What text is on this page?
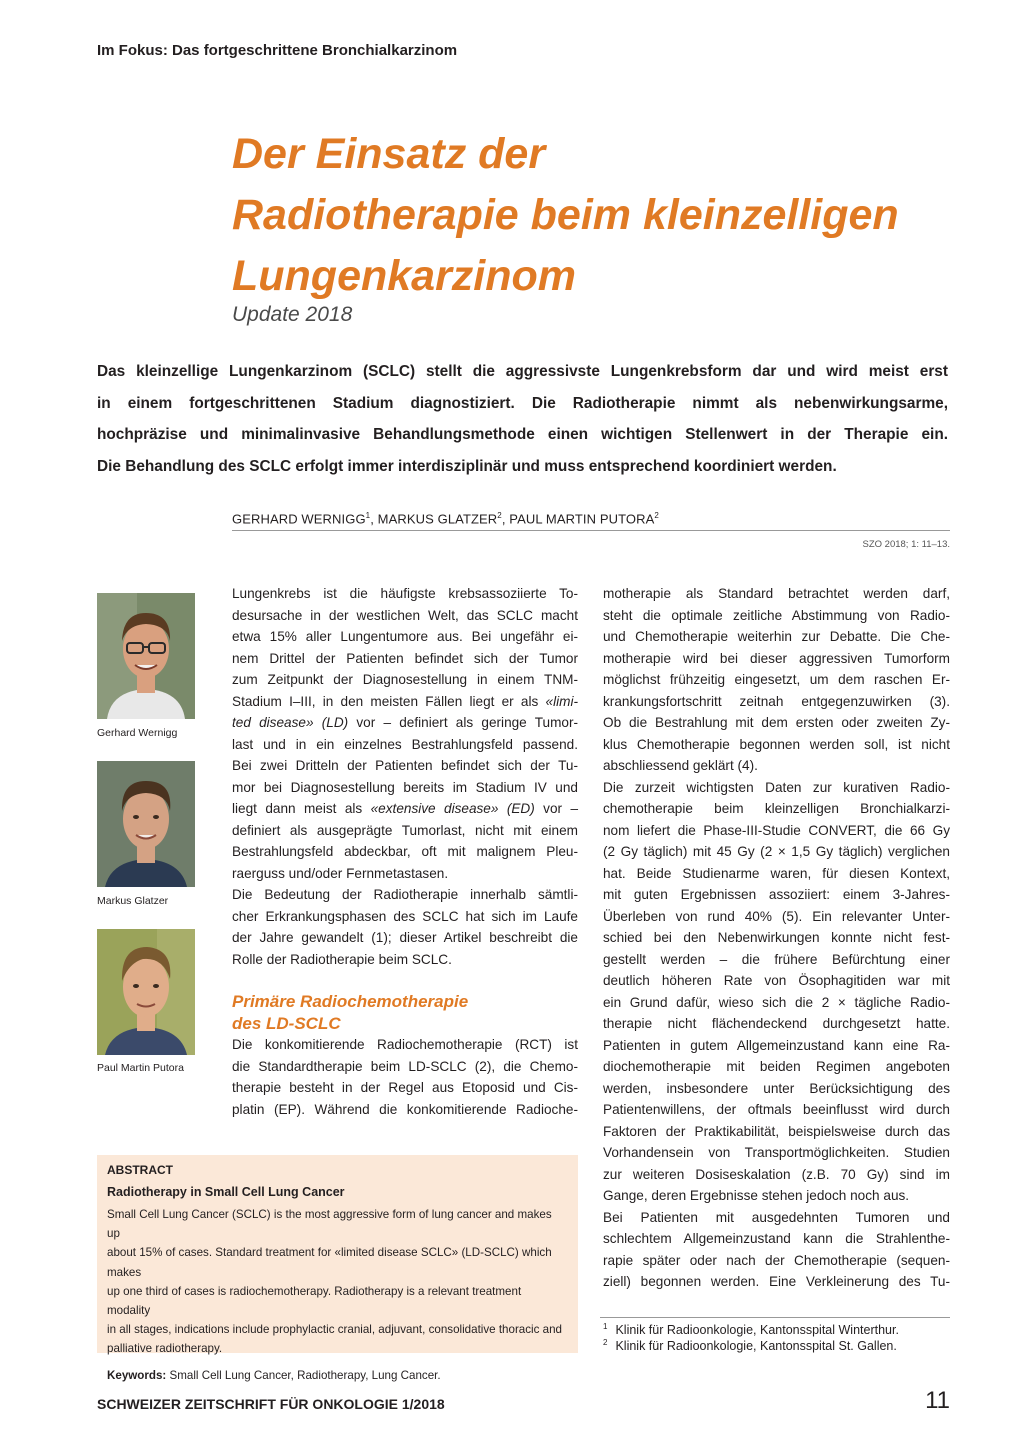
Im Fokus: Das fortgeschrittene Bronchialkarzinom
Der Einsatz der
Radiotherapie beim kleinzelligen
Lungenkarzinom
Update 2018

Das kleinzellige Lungenkarzinom (SCLC) stellt die aggressivste Lungenkrebsform dar und wird meist erst
in einem fortgeschrittenen Stadium diagnostiziert. Die Radiotherapie nimmt als nebenwirkungsarme,
hochpräzise und minimalinvasive Behandlungsmethode einen wichtigen Stellenwert in der Therapie ein.
Die Behandlung des SCLC erfolgt immer interdisziplinär und muss entsprechend koordiniert werden.

GERHARD WERNIGG$^1$, MARKUS GLATZER$^2$, PAUL MARTIN PUTORA$^2$
SZO 2018; 1: 11–13.
Gerhard Wernigg
Markus Glatzer
Paul Martin Putora

Lungenkrebs ist die häufigste krebsassoziierte To-
desursache in der westlichen Welt, das SCLC macht
etwa 15% aller Lungentumore aus. Bei ungefähr ei-
nem Drittel der Patienten befindet sich der Tumor
zum Zeitpunkt der Diagnosestellung in einem TNM-
Stadium I–III, in den meisten Fällen liegt er als «limi-
ted disease» (LD) vor – definiert als geringe Tumor-
last und in ein einzelnes Bestrahlungsfeld passend.
Bei zwei Dritteln der Patienten befindet sich der Tu-
mor bei Diagnosestellung bereits im Stadium IV und
liegt dann meist als «extensive disease» (ED) vor –
definiert als ausgeprägte Tumorlast, nicht mit einem
Bestrahlungsfeld abdeckbar, oft mit malignem Pleu-
raerguss und/oder Fernmetastasen.

Die Bedeutung der Radiotherapie innerhalb sämtli-
cher Erkrankungsphasen des SCLC hat sich im Laufe
der Jahre gewandelt (1); dieser Artikel beschreibt die
Rolle der Radiotherapie beim SCLC.

Primäre Radiochemotherapie
des LD-SCLC

Die konkomitierende Radiochemotherapie (RCT) ist
die Standardtherapie beim LD-SCLC (2), die Chemo-
therapie besteht in der Regel aus Etoposid und Cis-
platin (EP). Während die konkomitierende Radioche-

motherapie als Standard betrachtet werden darf,
steht die optimale zeitliche Abstimmung von Radio-
und Chemotherapie weiterhin zur Debatte. Die Che-
motherapie wird bei dieser aggressiven Tumorform
möglichst frühzeitig eingesetzt, um dem raschen Er-
krankungsfortschritt zeitnah entgegenzuwirken (3).
Ob die Bestrahlung mit dem ersten oder zweiten Zy-
klus Chemotherapie begonnen werden soll, ist nicht
abschliessend geklärt (4).

Die zurzeit wichtigsten Daten zur kurativen Radio-
chemotherapie beim kleinzelligen Bronchialkarzi-
nom liefert die Phase-III-Studie CONVERT, die 66 Gy
(2 Gy täglich) mit 45 Gy (2 × 1,5 Gy täglich) verglichen
hat. Beide Studienarme waren, für diesen Kontext,
mit guten Ergebnissen assoziiert: einem 3-Jahres-
Überleben von rund 40% (5). Ein relevanter Unter-
schied bei den Nebenwirkungen konnte nicht fest-
gestellt werden – die frühere Befürchtung einer
deutlich höheren Rate von Ösophagitiden war mit
ein Grund dafür, wieso sich die 2 × tägliche Radio-
therapie nicht flächendeckend durchgesetzt hatte.
Patienten in gutem Allgemeinzustand kann eine Ra-
diochemotherapie mit beiden Regimen angeboten
werden, insbesondere unter Berücksichtigung des
Patientenwillens, der oftmals beeinflusst wird durch
Faktoren der Praktikabilität, beispielsweise durch das
Vorhandensein von Transportmöglichkeiten. Studien
zur weiteren Dosiseskalation (z.B. 70 Gy) sind im
Gange, deren Ergebnisse stehen jedoch noch aus.

Bei Patienten mit ausgedehnten Tumoren und
schlechtem Allgemeinzustand kann die Strahlenthe-
rapie später oder nach der Chemotherapie (sequen-
ziell) begonnen werden. Eine Verkleinerung des Tu-

ABSTRACT
Radiotherapy in Small Cell Lung Cancer
Small Cell Lung Cancer (SCLC) is the most aggressive form of lung cancer and makes up
about 15% of cases. Standard treatment for «limited disease SCLC» (LD-SCLC) which makes
up one third of cases is radiochemotherapy. Radiotherapy is a relevant treatment modality
in all stages, indications include prophylactic cranial, adjuvant, consolidative thoracic and
palliative radiotherapy.
Keywords: Small Cell Lung Cancer, Radiotherapy, Lung Cancer.
$^1$ Klinik für Radioonkologie, Kantonsspital Winterthur.
$^2$ Klinik für Radioonkologie, Kantonsspital St. Gallen.
SCHWEIZER ZEITSCHRIFT FÜR ONKOLOGIE 1/2018	11
